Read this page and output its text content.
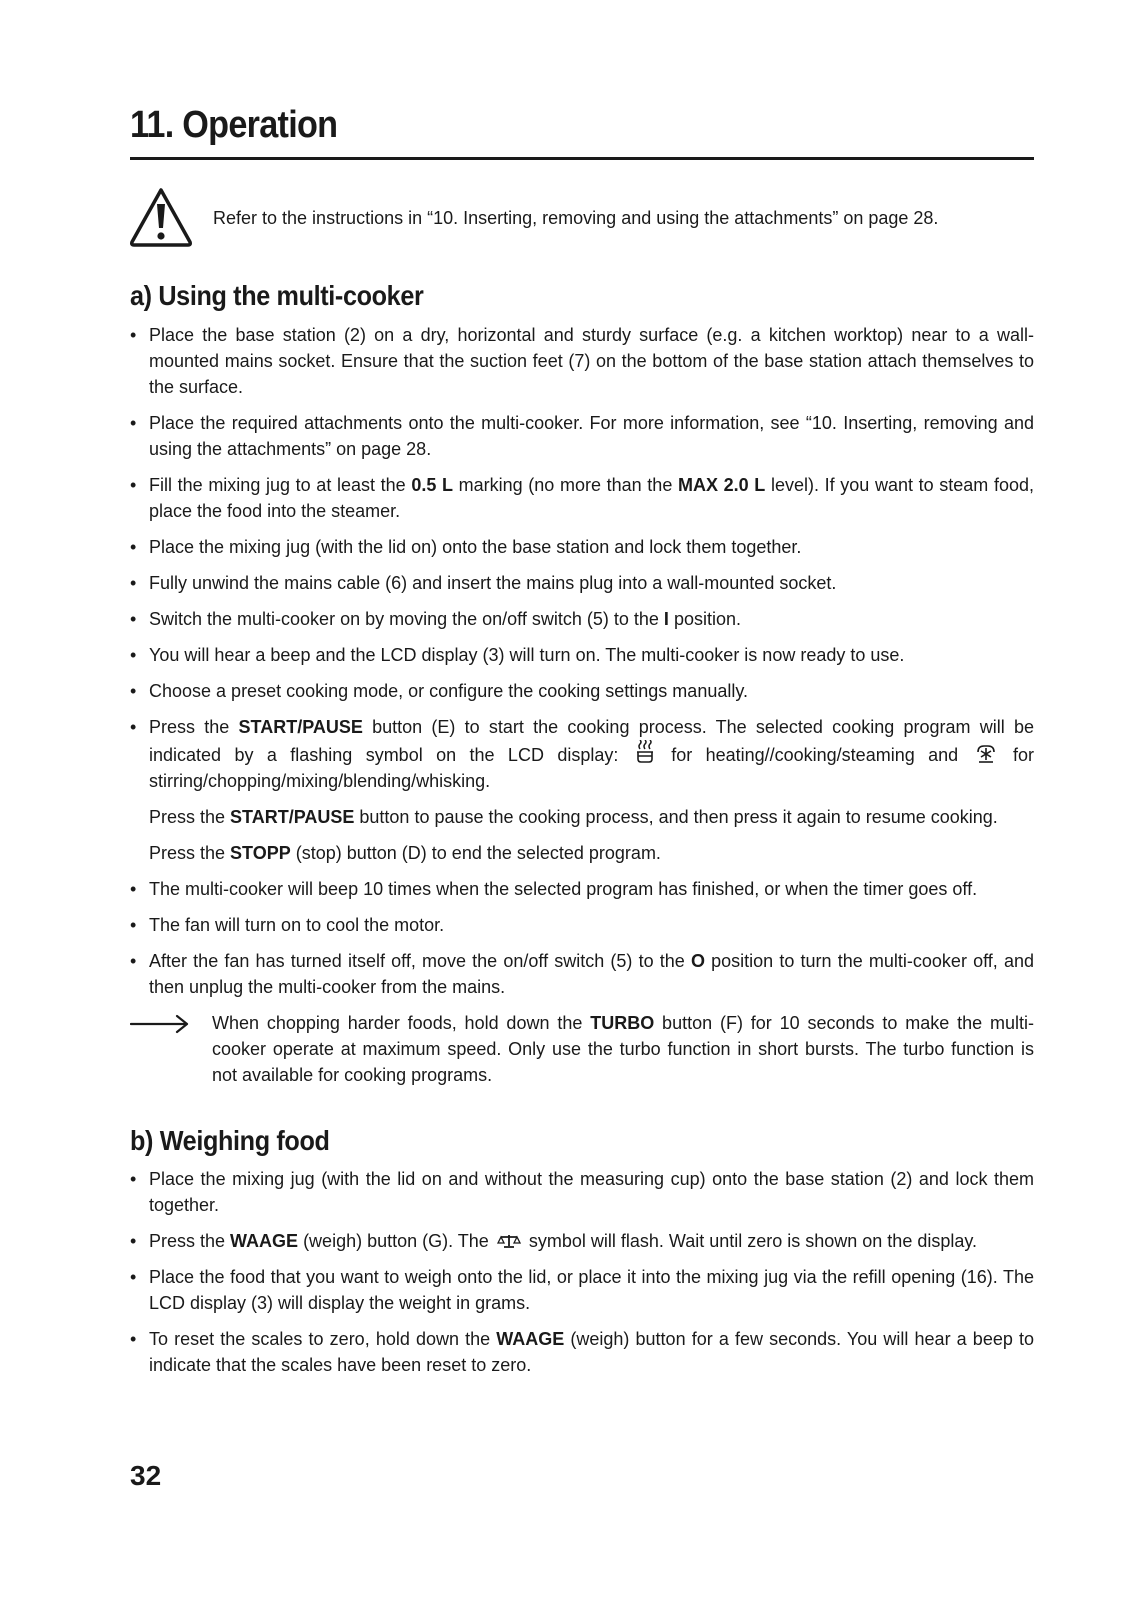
11. Operation
Refer to the instructions in “10. Inserting, removing and using the attachments” on page 28.
a) Using the multi-cooker
• Place the base station (2) on a dry, horizontal and sturdy surface (e.g. a kitchen worktop) near to a wall-mounted mains socket. Ensure that the suction feet (7) on the bottom of the base station attach themselves to the surface.
• Place the required attachments onto the multi-cooker. For more information, see “10. Inserting, removing and using the attachments” on page 28.
• Fill the mixing jug to at least the 0.5 L marking (no more than the MAX 2.0 L level). If you want to steam food, place the food into the steamer.
• Place the mixing jug (with the lid on) onto the base station and lock them together.
• Fully unwind the mains cable (6) and insert the mains plug into a wall-mounted socket.
• Switch the multi-cooker on by moving the on/off switch (5) to the I position.
• You will hear a beep and the LCD display (3) will turn on. The multi-cooker is now ready to use.
• Choose a preset cooking mode, or configure the cooking settings manually.
• Press the START/PAUSE button (E) to start the cooking process. The selected cooking program will be indicated by a flashing symbol on the LCD display:	for heating//cooking/steaming and	for stirring/chopping/mixing/blending/whisking.
Press the START/PAUSE button to pause the cooking process, and then press it again to resume cooking.
Press the STOPP (stop) button (D) to end the selected program.
• The multi-cooker will beep 10 times when the selected program has finished, or when the timer goes off.
• The fan will turn on to cool the motor.
• After the fan has turned itself off, move the on/off switch (5) to the O position to turn the multi-cooker off, and then unplug the multi-cooker from the mains.
When chopping harder foods, hold down the TURBO button (F) for 10 seconds to make the multi-cooker operate at maximum speed. Only use the turbo function in short bursts. The turbo function is not available for cooking programs.
b) Weighing food
• Place the mixing jug (with the lid on and without the measuring cup) onto the base station (2) and lock them together.
• Press the WAAGE (weigh) button (G). The symbol will flash. Wait until zero is shown on the display.
• Place the food that you want to weigh onto the lid, or place it into the mixing jug via the refill opening (16). The LCD display (3) will display the weight in grams.
• To reset the scales to zero, hold down the WAAGE (weigh) button for a few seconds. You will hear a beep to indicate that the scales have been reset to zero.
32
